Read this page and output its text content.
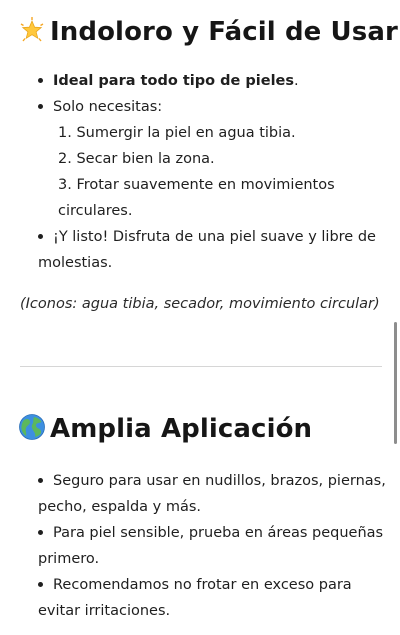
Indoloro y Fácil de Usar
Ideal para todo tipo de pieles.
Solo necesitas:
1. Sumergir la piel en agua tibia.
2. Secar bien la zona.
3. Frotar suavemente en movimientos
circulares.
¡Y listo! Disfruta de una piel suave y libre de
molestias.
(Iconos: agua tibia, secador, movimiento circular)
Amplia Aplicación
Seguro para usar en nudillos, brazos, piernas,
pecho, espalda y más.
Para piel sensible, prueba en áreas pequeñas
primero.
Recomendamos no frotar en exceso para
evitar irritaciones.
